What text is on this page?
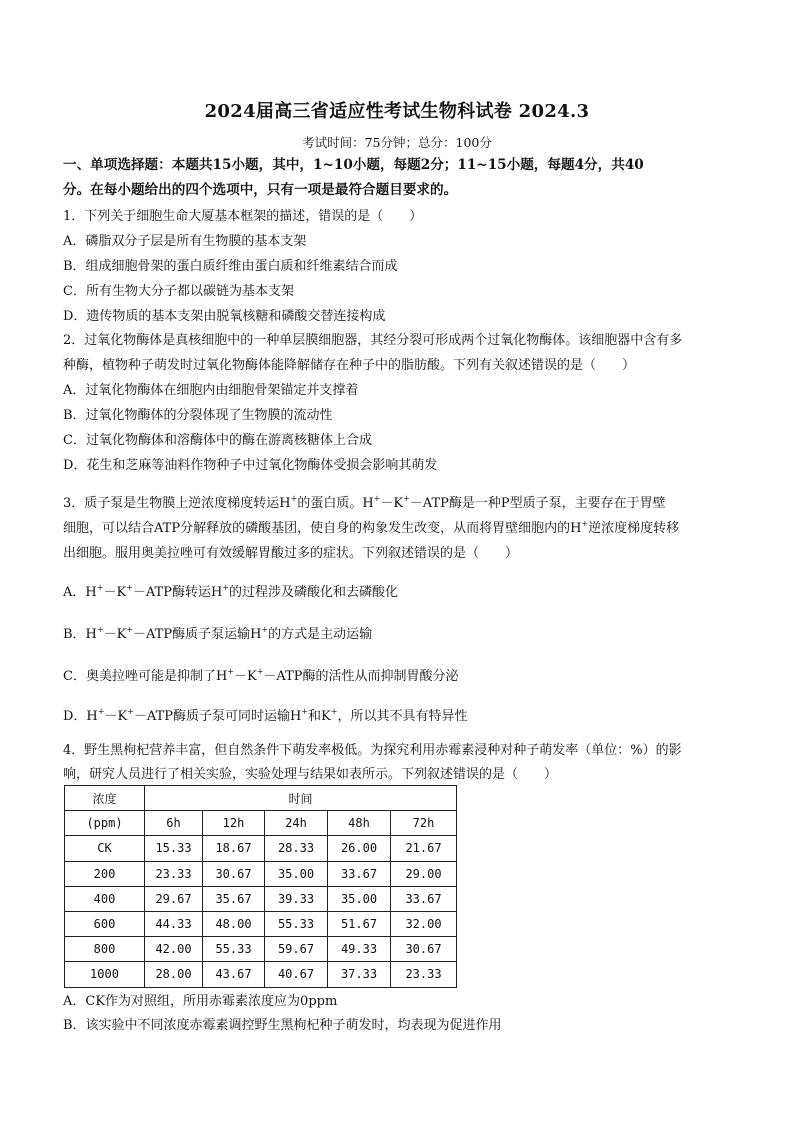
2024届高三省适应性考试生物科试卷 2024.3
考试时间：75分钟；总分：100分
一、单项选择题：本题共15小题，其中，1~10小题，每题2分；11~15小题，每题4分，共40
分。在每小题给出的四个选项中，只有一项是最符合题目要求的。
1．下列关于细胞生命大厦基本框架的描述，错误的是（　　）
A．磷脂双分子层是所有生物膜的基本支架
B．组成细胞骨架的蛋白质纤维由蛋白质和纤维素结合而成
C．所有生物大分子都以碳链为基本支架
D．遗传物质的基本支架由脱氧核糖和磷酸交替连接构成
2．过氧化物酶体是真核细胞中的一种单层膜细胞器，其经分裂可形成两个过氧化物酶体。该细胞器中含有多
种酶，植物种子萌发时过氧化物酶体能降解储存在种子中的脂肪酸。下列有关叙述错误的是（　　）
A．过氧化物酶体在细胞内由细胞骨架锚定并支撑着
B．过氧化物酶体的分裂体现了生物膜的流动性
C．过氧化物酶体和溶酶体中的酶在游离核糖体上合成
D．花生和芝麻等油料作物种子中过氧化物酶体受损会影响其萌发
3．质子泵是生物膜上逆浓度梯度转运H+的蛋白质。H+－K+－ATP酶是一种P型质子泵，主要存在于胃壁
细胞，可以结合ATP分解释放的磷酸基团，使自身的构象发生改变，从而将胃壁细胞内的H+逆浓度梯度转移
出细胞。服用奥美拉唑可有效缓解胃酸过多的症状。下列叙述错误的是（　　）
A．H+－K+－ATP酶转运H+的过程涉及磷酸化和去磷酸化
B．H+－K+－ATP酶质子泵运输H+的方式是主动运输
C．奥美拉唑可能是抑制了H+－K+－ATP酶的活性从而抑制胃酸分泌
D．H+－K+－ATP酶质子泵可同时运输H+和K+，所以其不具有特异性
4．野生黑枸杞营养丰富，但自然条件下萌发率极低。为探究利用赤霉素浸种对种子萌发率（单位：%）的影
响，研究人员进行了相关实验，实验处理与结果如表所示。下列叙述错误的是（　　）
浓度	时间				
(ppm)	6h	12h	24h	48h	72h
CK	15.33	18.67	28.33	26.00	21.67
200	23.33	30.67	35.00	33.67	29.00
400	29.67	35.67	39.33	35.00	33.67
600	44.33	48.00	55.33	51.67	32.00
800	42.00	55.33	59.67	49.33	30.67
1000	28.00	43.67	40.67	37.33	23.33
A．CK作为对照组，所用赤霉素浓度应为0ppm
B．该实验中不同浓度赤霉素调控野生黑枸杞种子萌发时，均表现为促进作用
